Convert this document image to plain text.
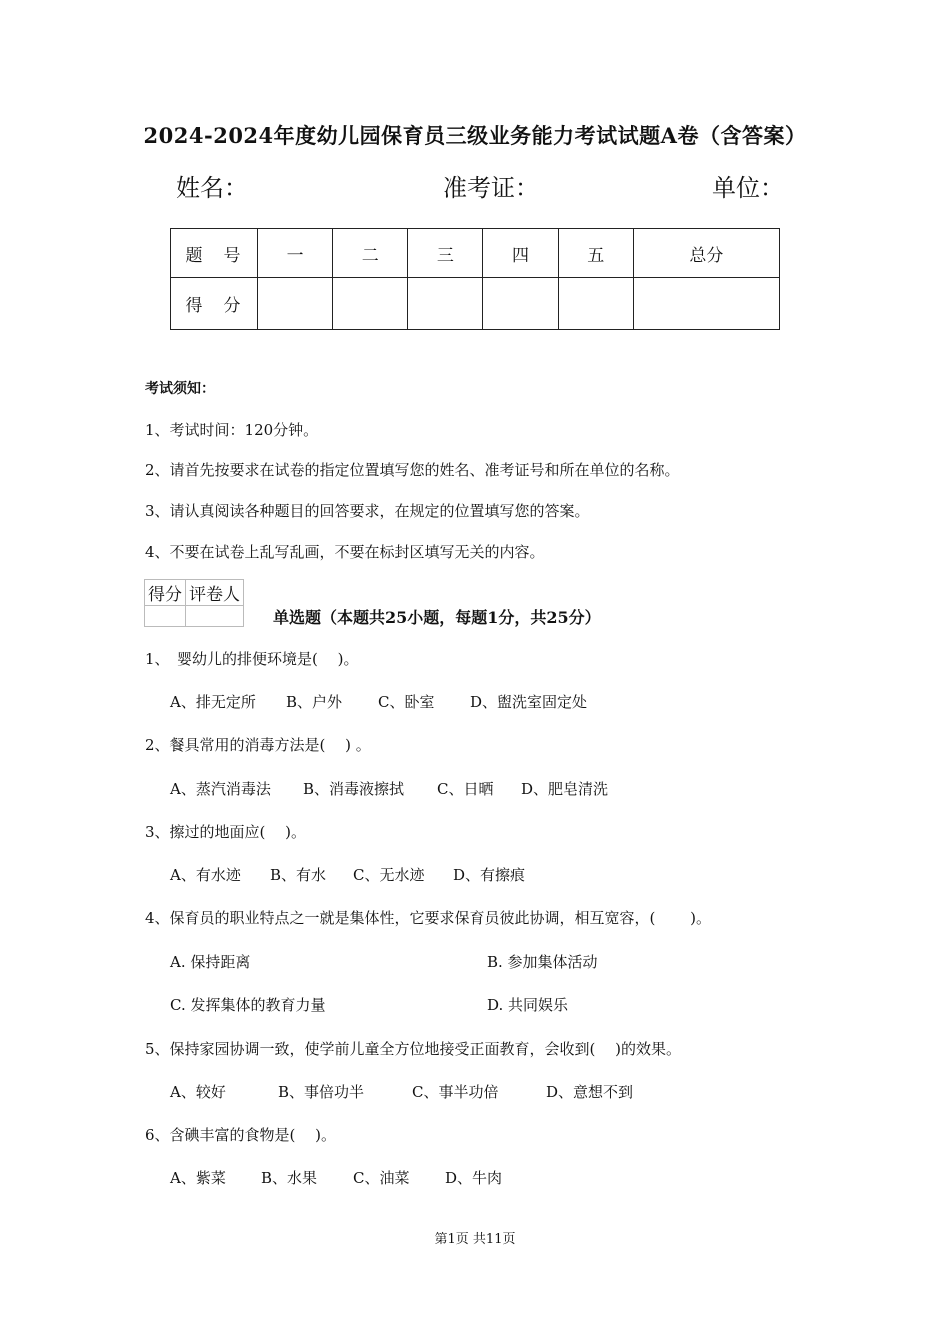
2024-2024年度幼儿园保育员三级业务能力考试试题A卷（含答案）
姓名：	准考证：	单位：
题　号	一	二	三	四	五	总分
得　分						
考试须知：
1、考试时间：120分钟。
2、请首先按要求在试卷的指定位置填写您的姓名、准考证号和所在单位的名称。
3、请认真阅读各种题目的回答要求，在规定的位置填写您的答案。
4、不要在试卷上乱写乱画，不要在标封区填写无关的内容。
得分	评卷人

单选题（本题共25小题，每题1分，共25分）
1、　婴幼儿的排便环境是(　 )。
A、排无定所 B、户外 C、卧室 D、盥洗室固定处
2、餐具常用的消毒方法是(　 ) 。
A、蒸汽消毒法 B、消毒液擦拭 C、日晒 D、肥皂清洗
3、擦过的地面应(　 )。
A、有水迹 B、有水 C、无水迹 D、有擦痕
4、保育员的职业特点之一就是集体性，它要求保育员彼此协调，相互宽容，(　　 )。
A. 保持距离	B. 参加集体活动
C. 发挥集体的教育力量	D. 共同娱乐
5、保持家园协调一致，使学前儿童全方位地接受正面教育，会收到(　 )的效果。
A、较好	B、事倍功半	C、事半功倍	D、意想不到
6、含碘丰富的食物是(　 )。
A、紫菜 B、水果 C、油菜 D、牛肉
第1页 共11页
